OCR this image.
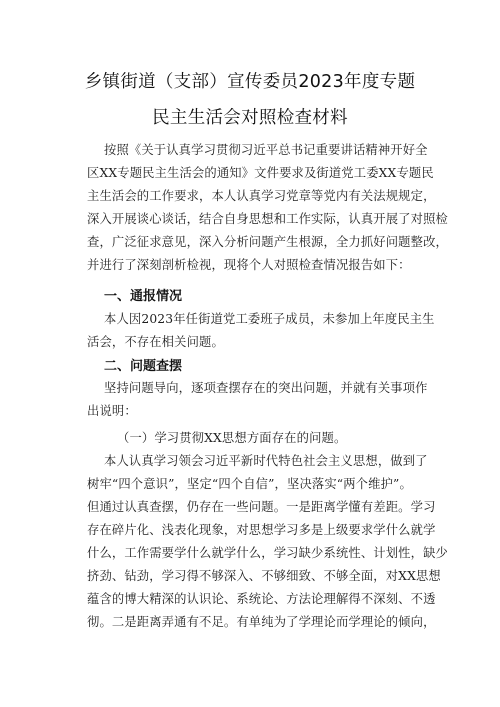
乡镇街道（支部）宣传委员2023年度专题
民主生活会对照检查材料
按照《关于认真学习贯彻习近平总书记重要讲话精神开好全
区XX专题民主生活会的通知》文件要求及街道党工委XX专题民
主生活会的工作要求，本人认真学习党章等党内有关法规规定，
深入开展谈心谈话，结合自身思想和工作实际，认真开展了对照检
查，广泛征求意见，深入分析问题产生根源，全力抓好问题整改，
并进行了深刻剖析检视，现将个人对照检查情况报告如下：
一、通报情况
本人因2023年任街道党工委班子成员，未参加上年度民主生
活会，不存在相关问题。
二、问题查摆
坚持问题导向，逐项查摆存在的突出问题，并就有关事项作
出说明：
（一）学习贯彻XX思想方面存在的问题。
本人认真学习领会习近平新时代特色社会主义思想，做到了
树牢“四个意识”，坚定“四个自信”，坚决落实“两个维护”。
但通过认真查摆，仍存在一些问题。一是距离学懂有差距。学习
存在碎片化、浅表化现象，对思想学习多是上级要求学什么就学
什么，工作需要学什么就学什么，学习缺少系统性、计划性，缺少
挤劲、钻劲，学习得不够深入、不够细致、不够全面，对XX思想
蕴含的博大精深的认识论、系统论、方法论理解得不深刻、不透
彻。二是距离弄通有不足。有单纯为了学理论而学理论的倾向，
